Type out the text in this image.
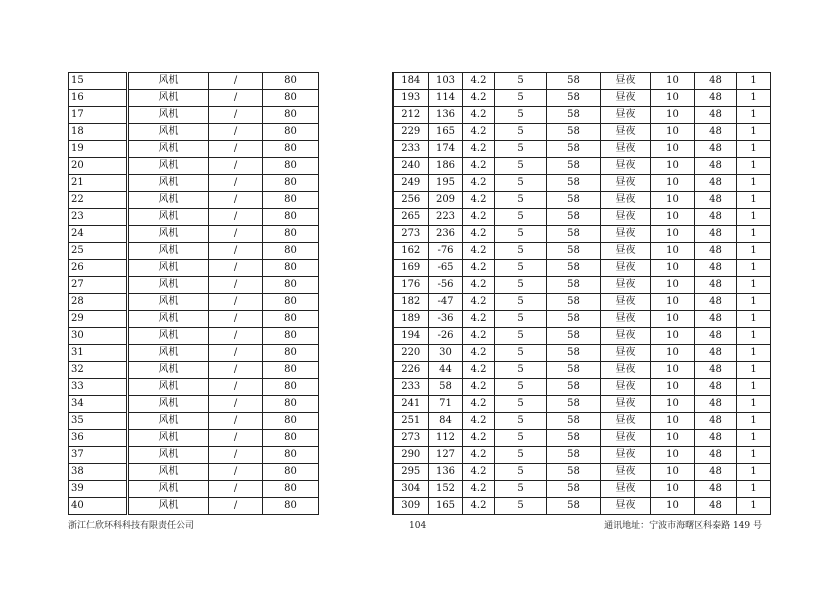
15		风机	/	80		184	103	4.2	5	58	昼夜	10	48	1
16		风机	/	80		193	114	4.2	5	58	昼夜	10	48	1
17		风机	/	80		212	136	4.2	5	58	昼夜	10	48	1
18		风机	/	80		229	165	4.2	5	58	昼夜	10	48	1
19		风机	/	80		233	174	4.2	5	58	昼夜	10	48	1
20		风机	/	80		240	186	4.2	5	58	昼夜	10	48	1
21		风机	/	80		249	195	4.2	5	58	昼夜	10	48	1
22		风机	/	80		256	209	4.2	5	58	昼夜	10	48	1
23		风机	/	80		265	223	4.2	5	58	昼夜	10	48	1
24		风机	/	80		273	236	4.2	5	58	昼夜	10	48	1
25		风机	/	80		162	-76	4.2	5	58	昼夜	10	48	1
26		风机	/	80		169	-65	4.2	5	58	昼夜	10	48	1
27		风机	/	80		176	-56	4.2	5	58	昼夜	10	48	1
28		风机	/	80		182	-47	4.2	5	58	昼夜	10	48	1
29		风机	/	80		189	-36	4.2	5	58	昼夜	10	48	1
30		风机	/	80		194	-26	4.2	5	58	昼夜	10	48	1
31		风机	/	80		220	30	4.2	5	58	昼夜	10	48	1
32		风机	/	80		226	44	4.2	5	58	昼夜	10	48	1
33		风机	/	80		233	58	4.2	5	58	昼夜	10	48	1
34		风机	/	80		241	71	4.2	5	58	昼夜	10	48	1
35		风机	/	80		251	84	4.2	5	58	昼夜	10	48	1
36		风机	/	80		273	112	4.2	5	58	昼夜	10	48	1
37		风机	/	80		290	127	4.2	5	58	昼夜	10	48	1
38		风机	/	80		295	136	4.2	5	58	昼夜	10	48	1
39		风机	/	80		304	152	4.2	5	58	昼夜	10	48	1
40		风机	/	80		309	165	4.2	5	58	昼夜	10	48	1
浙江仁欣环科科技有限责任公司	104	通讯地址：宁波市海曙区科泰路 149 号
